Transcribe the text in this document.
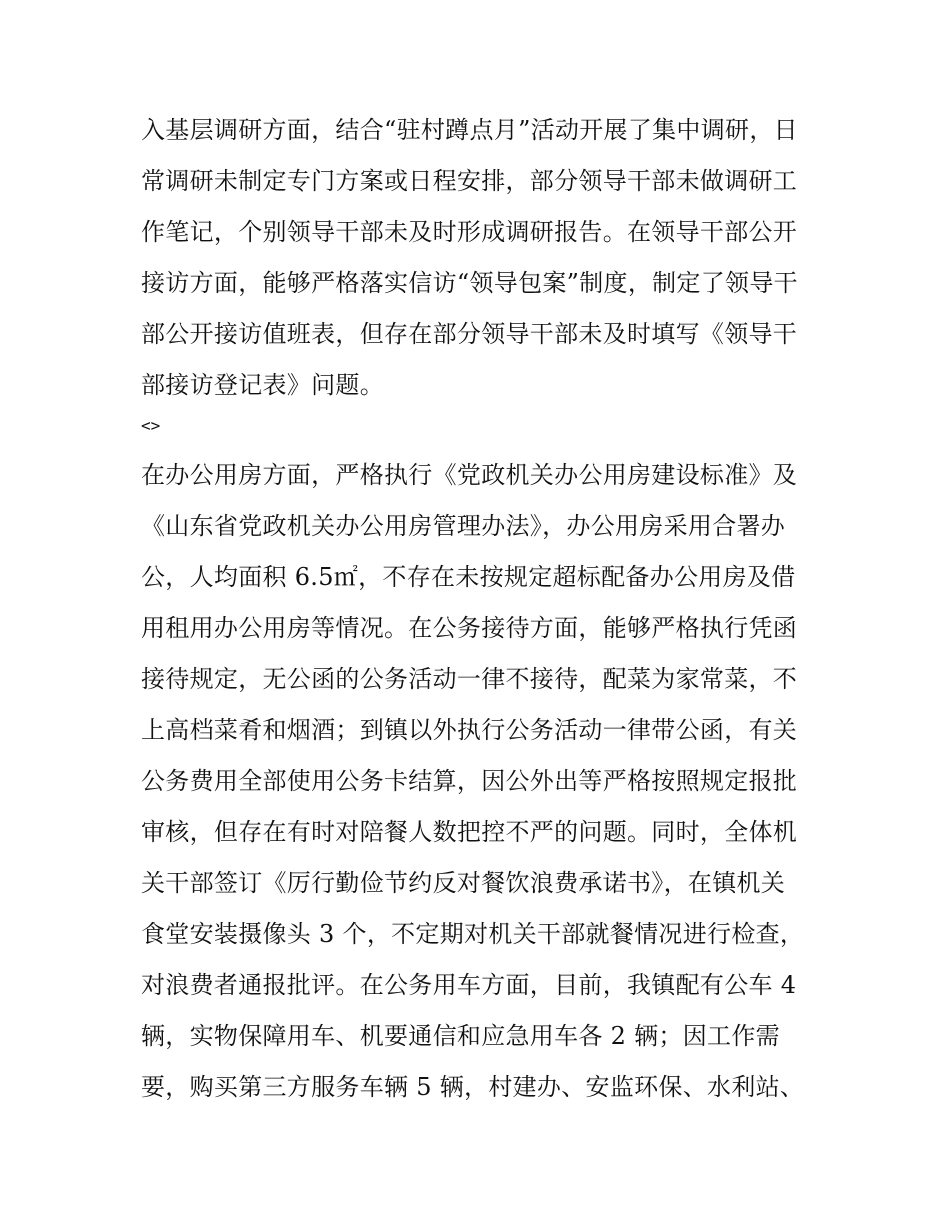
入基层调研方面，结合“驻村蹲点月”活动开展了集中调研，日
常调研未制定专门方案或日程安排，部分领导干部未做调研工
作笔记，个别领导干部未及时形成调研报告。在领导干部公开
接访方面，能够严格落实信访“领导包案”制度，制定了领导干
部公开接访值班表，但存在部分领导干部未及时填写《领导干
部接访登记表》问题。
<>
在办公用房方面，严格执行《党政机关办公用房建设标准》及
《山东省党政机关办公用房管理办法》，办公用房采用合署办
公，人均面积 6.5㎡，不存在未按规定超标配备办公用房及借
用租用办公用房等情况。在公务接待方面，能够严格执行凭函
接待规定，无公函的公务活动一律不接待，配菜为家常菜，不
上高档菜肴和烟酒；到镇以外执行公务活动一律带公函，有关
公务费用全部使用公务卡结算，因公外出等严格按照规定报批
审核，但存在有时对陪餐人数把控不严的问题。同时，全体机
关干部签订《厉行勤俭节约反对餐饮浪费承诺书》，在镇机关
食堂安装摄像头 3 个，不定期对机关干部就餐情况进行检查，
对浪费者通报批评。在公务用车方面，目前，我镇配有公车 4
辆，实物保障用车、机要通信和应急用车各 2 辆；因工作需
要，购买第三方服务车辆 5 辆，村建办、安监环保、水利站、
